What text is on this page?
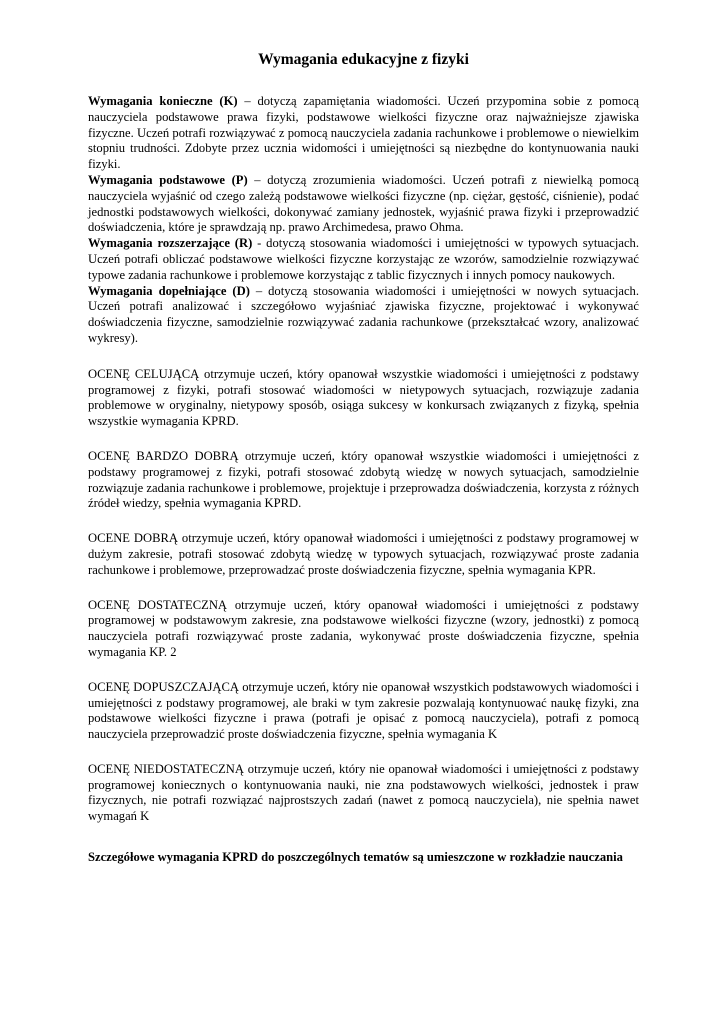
Wymagania edukacyjne z fizyki

Wymagania konieczne (K) – dotyczą zapamiętania wiadomości. Uczeń przypomina sobie z pomocą nauczyciela podstawowe prawa fizyki, podstawowe wielkości fizyczne oraz najważniejsze zjawiska fizyczne. Uczeń potrafi rozwiązywać z pomocą nauczyciela zadania rachunkowe i problemowe o niewielkim stopniu trudności. Zdobyte przez ucznia widomości i umiejętności są niezbędne do kontynuowania nauki fizyki.

Wymagania podstawowe (P) – dotyczą zrozumienia wiadomości. Uczeń potrafi z niewielką pomocą nauczyciela wyjaśnić od czego zależą podstawowe wielkości fizyczne (np. ciężar, gęstość, ciśnienie), podać jednostki podstawowych wielkości, dokonywać zamiany jednostek, wyjaśnić prawa fizyki i przeprowadzić doświadczenia, które je sprawdzają np. prawo Archimedesa, prawo Ohma.

Wymagania rozszerzające (R) - dotyczą stosowania wiadomości i umiejętności w typowych sytuacjach. Uczeń potrafi obliczać podstawowe wielkości fizyczne korzystając ze wzorów, samodzielnie rozwiązywać typowe zadania rachunkowe i problemowe korzystając z tablic fizycznych i innych pomocy naukowych.

Wymagania dopełniające (D) – dotyczą stosowania wiadomości i umiejętności w nowych sytuacjach. Uczeń potrafi analizować i szczegółowo wyjaśniać zjawiska fizyczne, projektować i wykonywać doświadczenia fizyczne, samodzielnie rozwiązywać zadania rachunkowe (przekształcać wzory, analizować wykresy).

OCENĘ CELUJĄCĄ otrzymuje uczeń, który opanował wszystkie wiadomości i umiejętności z podstawy programowej z fizyki, potrafi stosować wiadomości w nietypowych sytuacjach, rozwiązuje zadania problemowe w oryginalny, nietypowy sposób, osiąga sukcesy w konkursach związanych z fizyką, spełnia wszystkie wymagania KPRD.

OCENĘ BARDZO DOBRĄ otrzymuje uczeń, który opanował wszystkie wiadomości i umiejętności z podstawy programowej z fizyki, potrafi stosować zdobytą wiedzę w nowych sytuacjach, samodzielnie rozwiązuje zadania rachunkowe i problemowe, projektuje i przeprowadza doświadczenia, korzysta z różnych źródeł wiedzy, spełnia wymagania KPRD.

OCENE DOBRĄ otrzymuje uczeń, który opanował wiadomości i umiejętności z podstawy programowej w dużym zakresie, potrafi stosować zdobytą wiedzę w typowych sytuacjach, rozwiązywać proste zadania rachunkowe i problemowe, przeprowadzać proste doświadczenia fizyczne, spełnia wymagania KPR.

OCENĘ DOSTATECZNĄ otrzymuje uczeń, który opanował wiadomości i umiejętności z podstawy programowej w podstawowym zakresie, zna podstawowe wielkości fizyczne (wzory, jednostki) z pomocą nauczyciela potrafi rozwiązywać proste zadania, wykonywać proste doświadczenia fizyczne, spełnia wymagania KP. 2

OCENĘ DOPUSZCZAJĄCĄ otrzymuje uczeń, który nie opanował wszystkich podstawowych wiadomości i umiejętności z podstawy programowej, ale braki w tym zakresie pozwalają kontynuować naukę fizyki, zna podstawowe wielkości fizyczne i prawa (potrafi je opisać z pomocą nauczyciela), potrafi z pomocą nauczyciela przeprowadzić proste doświadczenia fizyczne, spełnia wymagania K

OCENĘ NIEDOSTATECZNĄ otrzymuje uczeń, który nie opanował wiadomości i umiejętności z podstawy programowej koniecznych o kontynuowania nauki, nie zna podstawowych wielkości, jednostek i praw fizycznych, nie potrafi rozwiązać najprostszych zadań (nawet z pomocą nauczyciela), nie spełnia nawet wymagań K

Szczegółowe wymagania KPRD do poszczególnych tematów są umieszczone w rozkładzie nauczania
